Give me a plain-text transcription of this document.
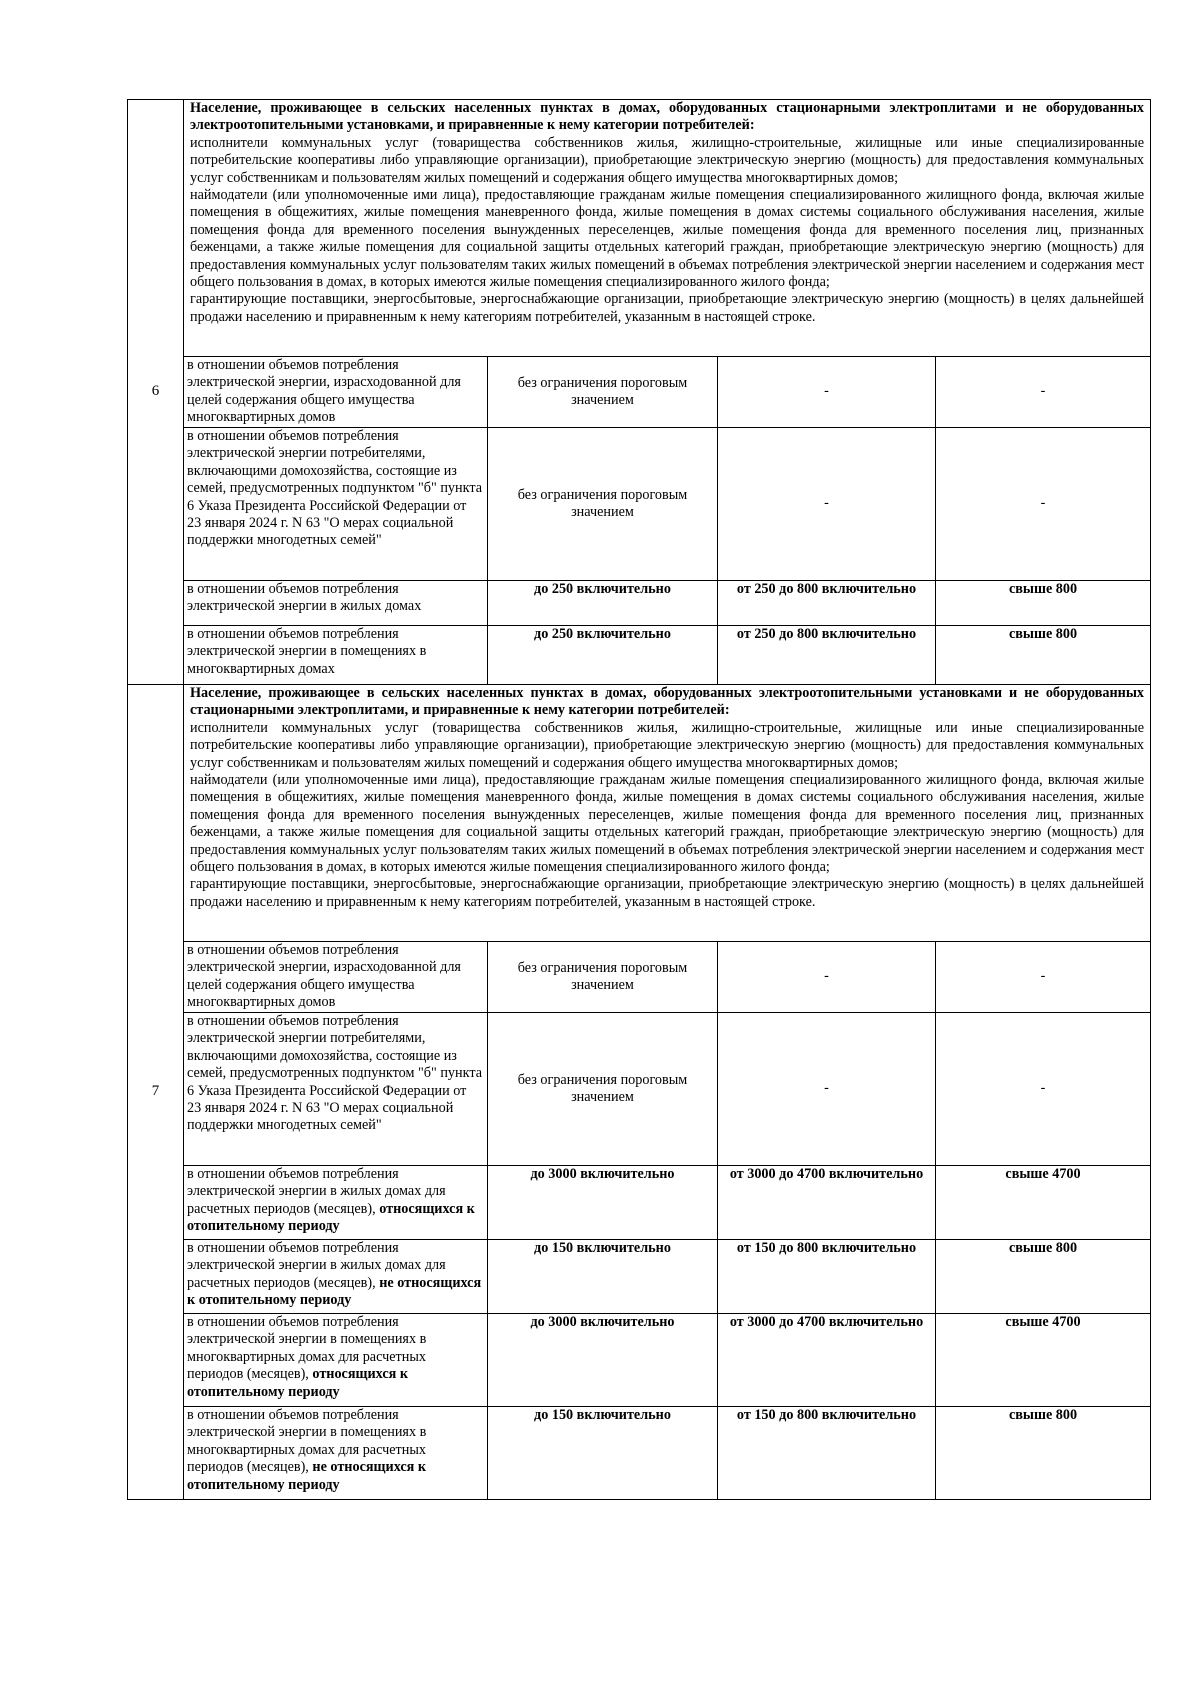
6	Население, проживающее в сельских населенных пунктах в домах, оборудованных стационарными электроплитами и не оборудованных электроотопительными установками, и приравненные к нему категории потребителей:

исполнители коммунальных услуг (товарищества собственников жилья, жилищно-строительные, жилищные или иные специализированные потребительские кооперативы либо управляющие организации), приобретающие электрическую энергию (мощность) для предоставления коммунальных услуг собственникам и пользователям жилых помещений и содержания общего имущества многоквартирных домов;

наймодатели (или уполномоченные ими лица), предоставляющие гражданам жилые помещения специализированного жилищного фонда, включая жилые помещения в общежитиях, жилые помещения маневренного фонда, жилые помещения в домах системы социального обслуживания населения, жилые помещения фонда для временного поселения вынужденных переселенцев, жилые помещения фонда для временного поселения лиц, признанных беженцами, а также жилые помещения для социальной защиты отдельных категорий граждан, приобретающие электрическую энергию (мощность) для предоставления коммунальных услуг пользователям таких жилых помещений в объемах потребления электрической энергии населением и содержания мест общего пользования в домах, в которых имеются жилые помещения специализированного жилого фонда;

гарантирующие поставщики, энергосбытовые, энергоснабжающие организации, приобретающие электрическую энергию (мощность) в целях дальнейшей продажи населению и приравненным к нему категориям потребителей, указанным в настоящей строке.			

	в отношении объемов потребления электрической энергии, израсходованной для целей содержания общего имущества многоквартирных домов	без ограничения пороговым значением	-	-
	в отношении объемов потребления электрической энергии потребителями, включающими домохозяйства, состоящие из семей, предусмотренных подпунктом "б" пункта 6 Указа Президента Российской Федерации от 23 января 2024 г. N 63 "О мерах социальной поддержки многодетных семей"	без ограничения пороговым значением	-	-
	в отношении объемов потребления электрической энергии в жилых домах	до 250 включительно	от 250 до 800 включительно	свыше 800
	в отношении объемов потребления электрической энергии в помещениях в многоквартирных домах	до 250 включительно	от 250 до 800 включительно	свыше 800
7	Население, проживающее в сельских населенных пунктах в домах, оборудованных электроотопительными установками и не оборудованных стационарными электроплитами, и приравненные к нему категории потребителей:

исполнители коммунальных услуг (товарищества собственников жилья, жилищно-строительные, жилищные или иные специализированные потребительские кооперативы либо управляющие организации), приобретающие электрическую энергию (мощность) для предоставления коммунальных услуг собственникам и пользователям жилых помещений и содержания общего имущества многоквартирных домов;

наймодатели (или уполномоченные ими лица), предоставляющие гражданам жилые помещения специализированного жилищного фонда, включая жилые помещения в общежитиях, жилые помещения маневренного фонда, жилые помещения в домах системы социального обслуживания населения, жилые помещения фонда для временного поселения вынужденных переселенцев, жилые помещения фонда для временного поселения лиц, признанных беженцами, а также жилые помещения для социальной защиты отдельных категорий граждан, приобретающие электрическую энергию (мощность) для предоставления коммунальных услуг пользователям таких жилых помещений в объемах потребления электрической энергии населением и содержания мест общего пользования в домах, в которых имеются жилые помещения специализированного жилого фонда;

гарантирующие поставщики, энергосбытовые, энергоснабжающие организации, приобретающие электрическую энергию (мощность) в целях дальнейшей продажи населению и приравненным к нему категориям потребителей, указанным в настоящей строке.			

	в отношении объемов потребления электрической энергии, израсходованной для целей содержания общего имущества многоквартирных домов	без ограничения пороговым значением	-	-
	в отношении объемов потребления электрической энергии потребителями, включающими домохозяйства, состоящие из семей, предусмотренных подпунктом "б" пункта 6 Указа Президента Российской Федерации от 23 января 2024 г. N 63 "О мерах социальной поддержки многодетных семей"	без ограничения пороговым значением	-	-
	в отношении объемов потребления электрической энергии в жилых домах для расчетных периодов (месяцев), относящихся к отопительному периоду	до 3000 включительно	от 3000 до 4700 включительно	свыше 4700
	в отношении объемов потребления электрической энергии в жилых домах для расчетных периодов (месяцев), не относящихся к отопительному периоду	до 150 включительно	от 150 до 800 включительно	свыше 800
	в отношении объемов потребления электрической энергии в помещениях в многоквартирных домах для расчетных периодов (месяцев), относящихся к отопительному периоду	до 3000 включительно	от 3000 до 4700 включительно	свыше 4700
	в отношении объемов потребления электрической энергии в помещениях в многоквартирных домах для расчетных периодов (месяцев), не относящихся к отопительному периоду	до 150 включительно	от 150 до 800 включительно	свыше 800
